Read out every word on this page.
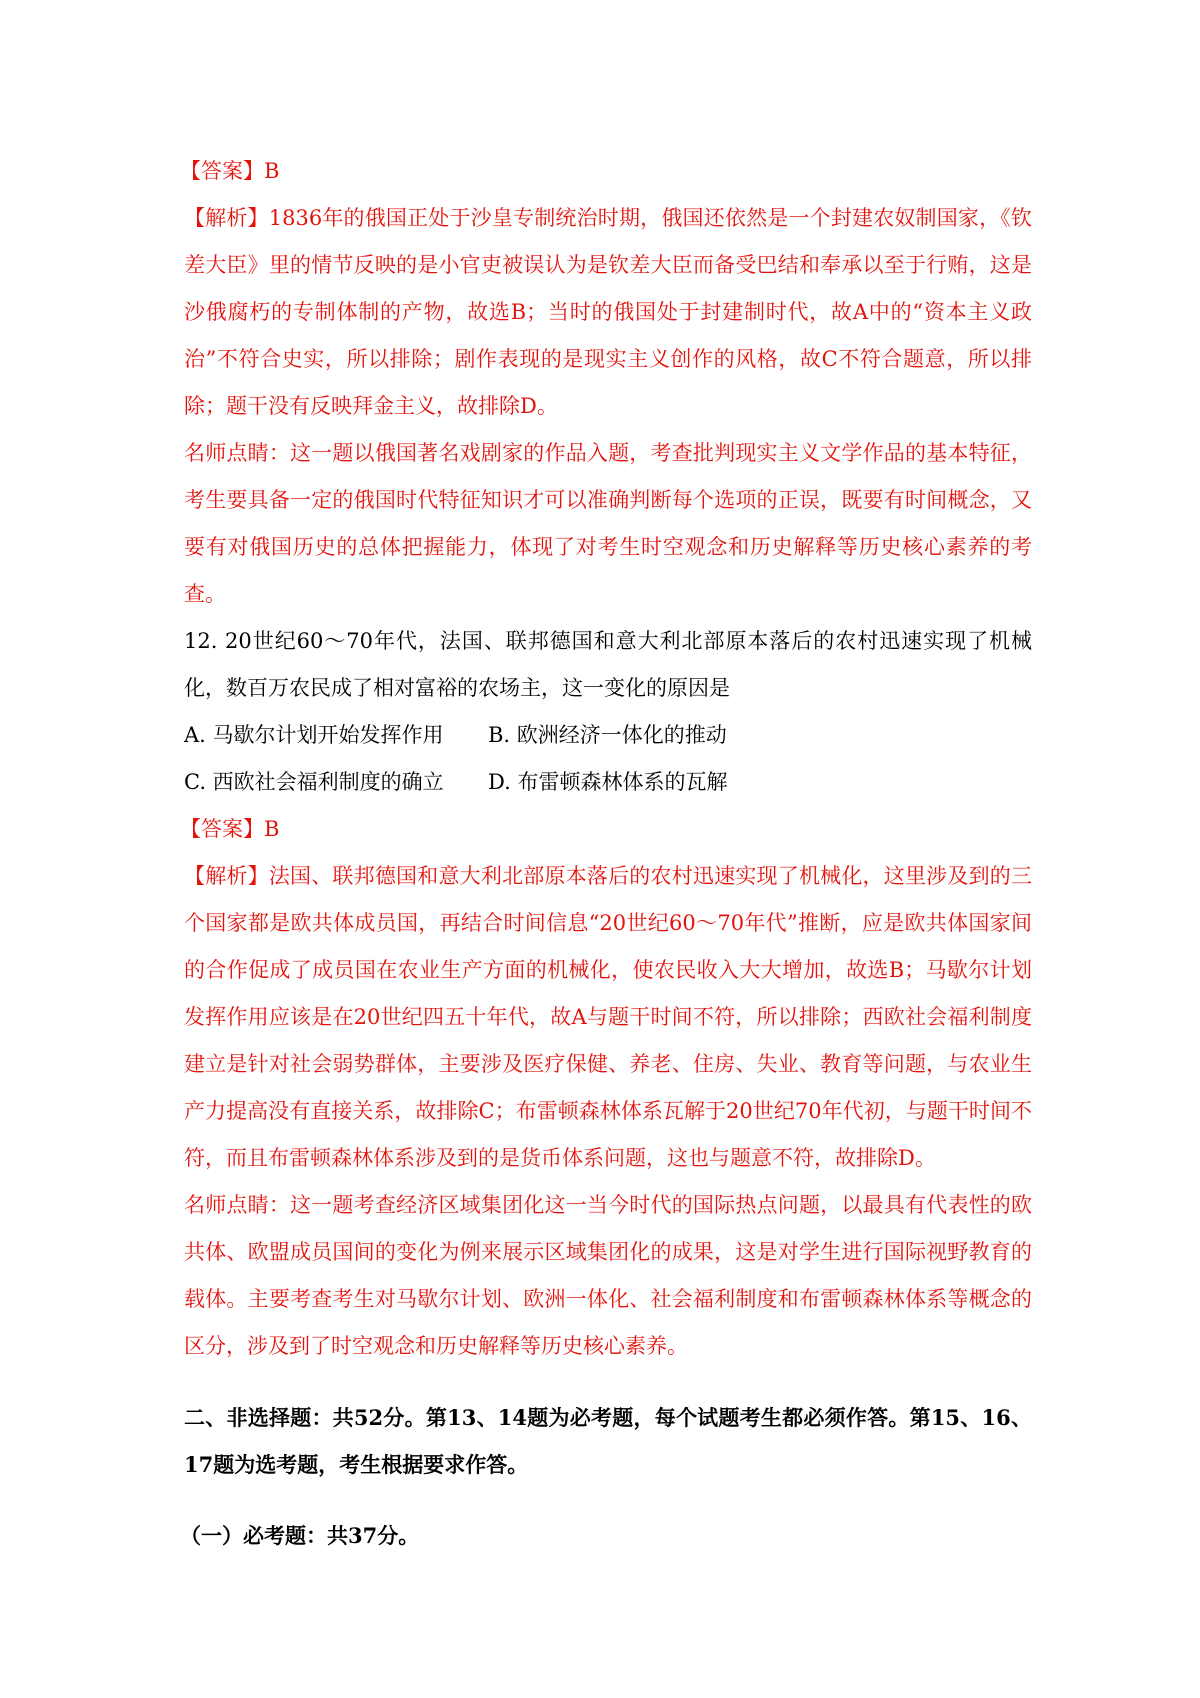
【答案】B
【解析】1836年的俄国正处于沙皇专制统治时期，俄国还依然是一个封建农奴制国家，《钦差大臣》里的情节反映的是小官吏被误认为是钦差大臣而备受巴结和奉承以至于行贿，这是沙俄腐朽的专制体制的产物，故选B；当时的俄国处于封建制时代，故A中的“资本主义政治”不符合史实，所以排除；剧作表现的是现实主义创作的风格，故C不符合题意，所以排除；题干没有反映拜金主义，故排除D。
名师点睛：这一题以俄国著名戏剧家的作品入题，考查批判现实主义文学作品的基本特征，考生要具备一定的俄国时代特征知识才可以准确判断每个选项的正误，既要有时间概念，又要有对俄国历史的总体把握能力，体现了对考生时空观念和历史解释等历史核心素养的考查。
12. 20世纪60～70年代，法国、联邦德国和意大利北部原本落后的农村迅速实现了机械化，数百万农民成了相对富裕的农场主，这一变化的原因是
A. 马歇尔计划开始发挥作用	B. 欧洲经济一体化的推动
C. 西欧社会福利制度的确立	D. 布雷顿森林体系的瓦解
【答案】B
【解析】法国、联邦德国和意大利北部原本落后的农村迅速实现了机械化，这里涉及到的三个国家都是欧共体成员国，再结合时间信息“20世纪60～70年代”推断，应是欧共体国家间的合作促成了成员国在农业生产方面的机械化，使农民收入大大增加，故选B；马歇尔计划发挥作用应该是在20世纪四五十年代，故A与题干时间不符，所以排除；西欧社会福利制度建立是针对社会弱势群体，主要涉及医疗保健、养老、住房、失业、教育等问题，与农业生产力提高没有直接关系，故排除C；布雷顿森林体系瓦解于20世纪70年代初，与题干时间不符，而且布雷顿森林体系涉及到的是货币体系问题，这也与题意不符，故排除D。
名师点睛：这一题考查经济区域集团化这一当今时代的国际热点问题，以最具有代表性的欧共体、欧盟成员国间的变化为例来展示区域集团化的成果，这是对学生进行国际视野教育的载体。主要考查考生对马歇尔计划、欧洲一体化、社会福利制度和布雷顿森林体系等概念的区分，涉及到了时空观念和历史解释等历史核心素养。
二、非选择题：共52分。第13、14题为必考题，每个试题考生都必须作答。第15、16、17题为选考题，考生根据要求作答。
（一）必考题：共37分。
